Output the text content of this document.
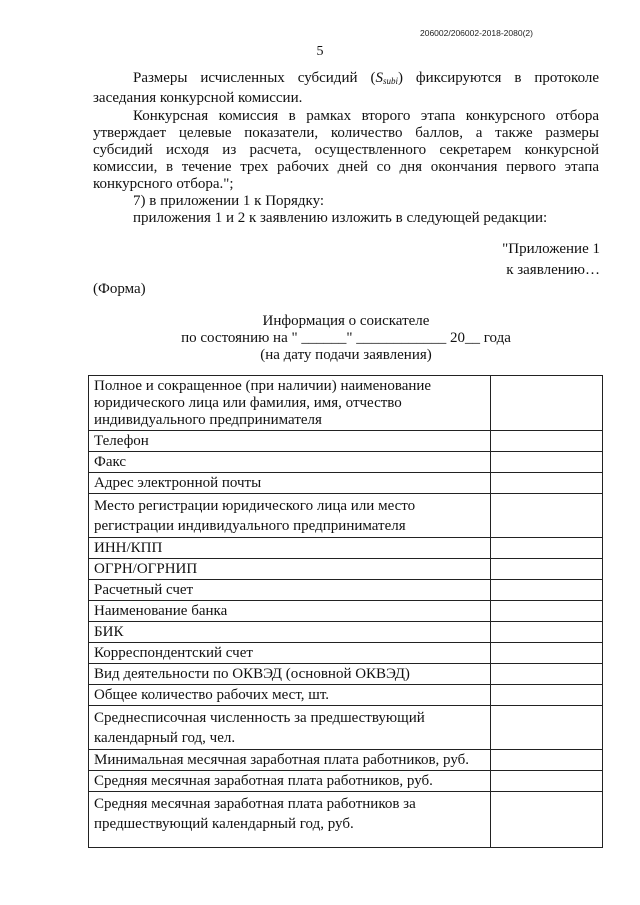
206002/206002-2018-2080(2)
5

Размеры исчисленных субсидий $(S_{subi})$ фиксируются в протоколе заседания конкурсной комиссии.

Конкурсная комиссия в рамках второго этапа конкурсного отбора утверждает целевые показатели, количество баллов, а также размеры субсидий исходя из расчета, осуществленного секретарем конкурсной комиссии, в течение трех рабочих дней со дня окончания первого этапа конкурсного отбора.";

7) в приложении 1 к Порядку:
приложения 1 и 2 к заявлению изложить в следующей редакции:
"Приложение 1
к заявлению…
(Форма)
Информация о соискателе
по состоянию на " ______" ____________ 20__ года
(на дату подачи заявления)
Полное и сокращенное (при наличии) наименование юридического лица или фамилия, имя, отчество индивидуального предпринимателя	
Телефон	
Факс	
Адрес электронной почты	
Место регистрации юридического лица или место регистрации индивидуального предпринимателя	
ИНН/КПП	
ОГРН/ОГРНИП	
Расчетный счет	
Наименование банка	
БИК	
Корреспондентский счет	
Вид деятельности по ОКВЭД (основной ОКВЭД)	
Общее количество рабочих мест, шт.	
Среднесписочная численность за предшествующий календарный год, чел.	
Минимальная месячная заработная плата работников, руб.	
Средняя месячная заработная плата работников, руб.	
Средняя месячная заработная плата работников за предшествующий календарный год, руб.	
